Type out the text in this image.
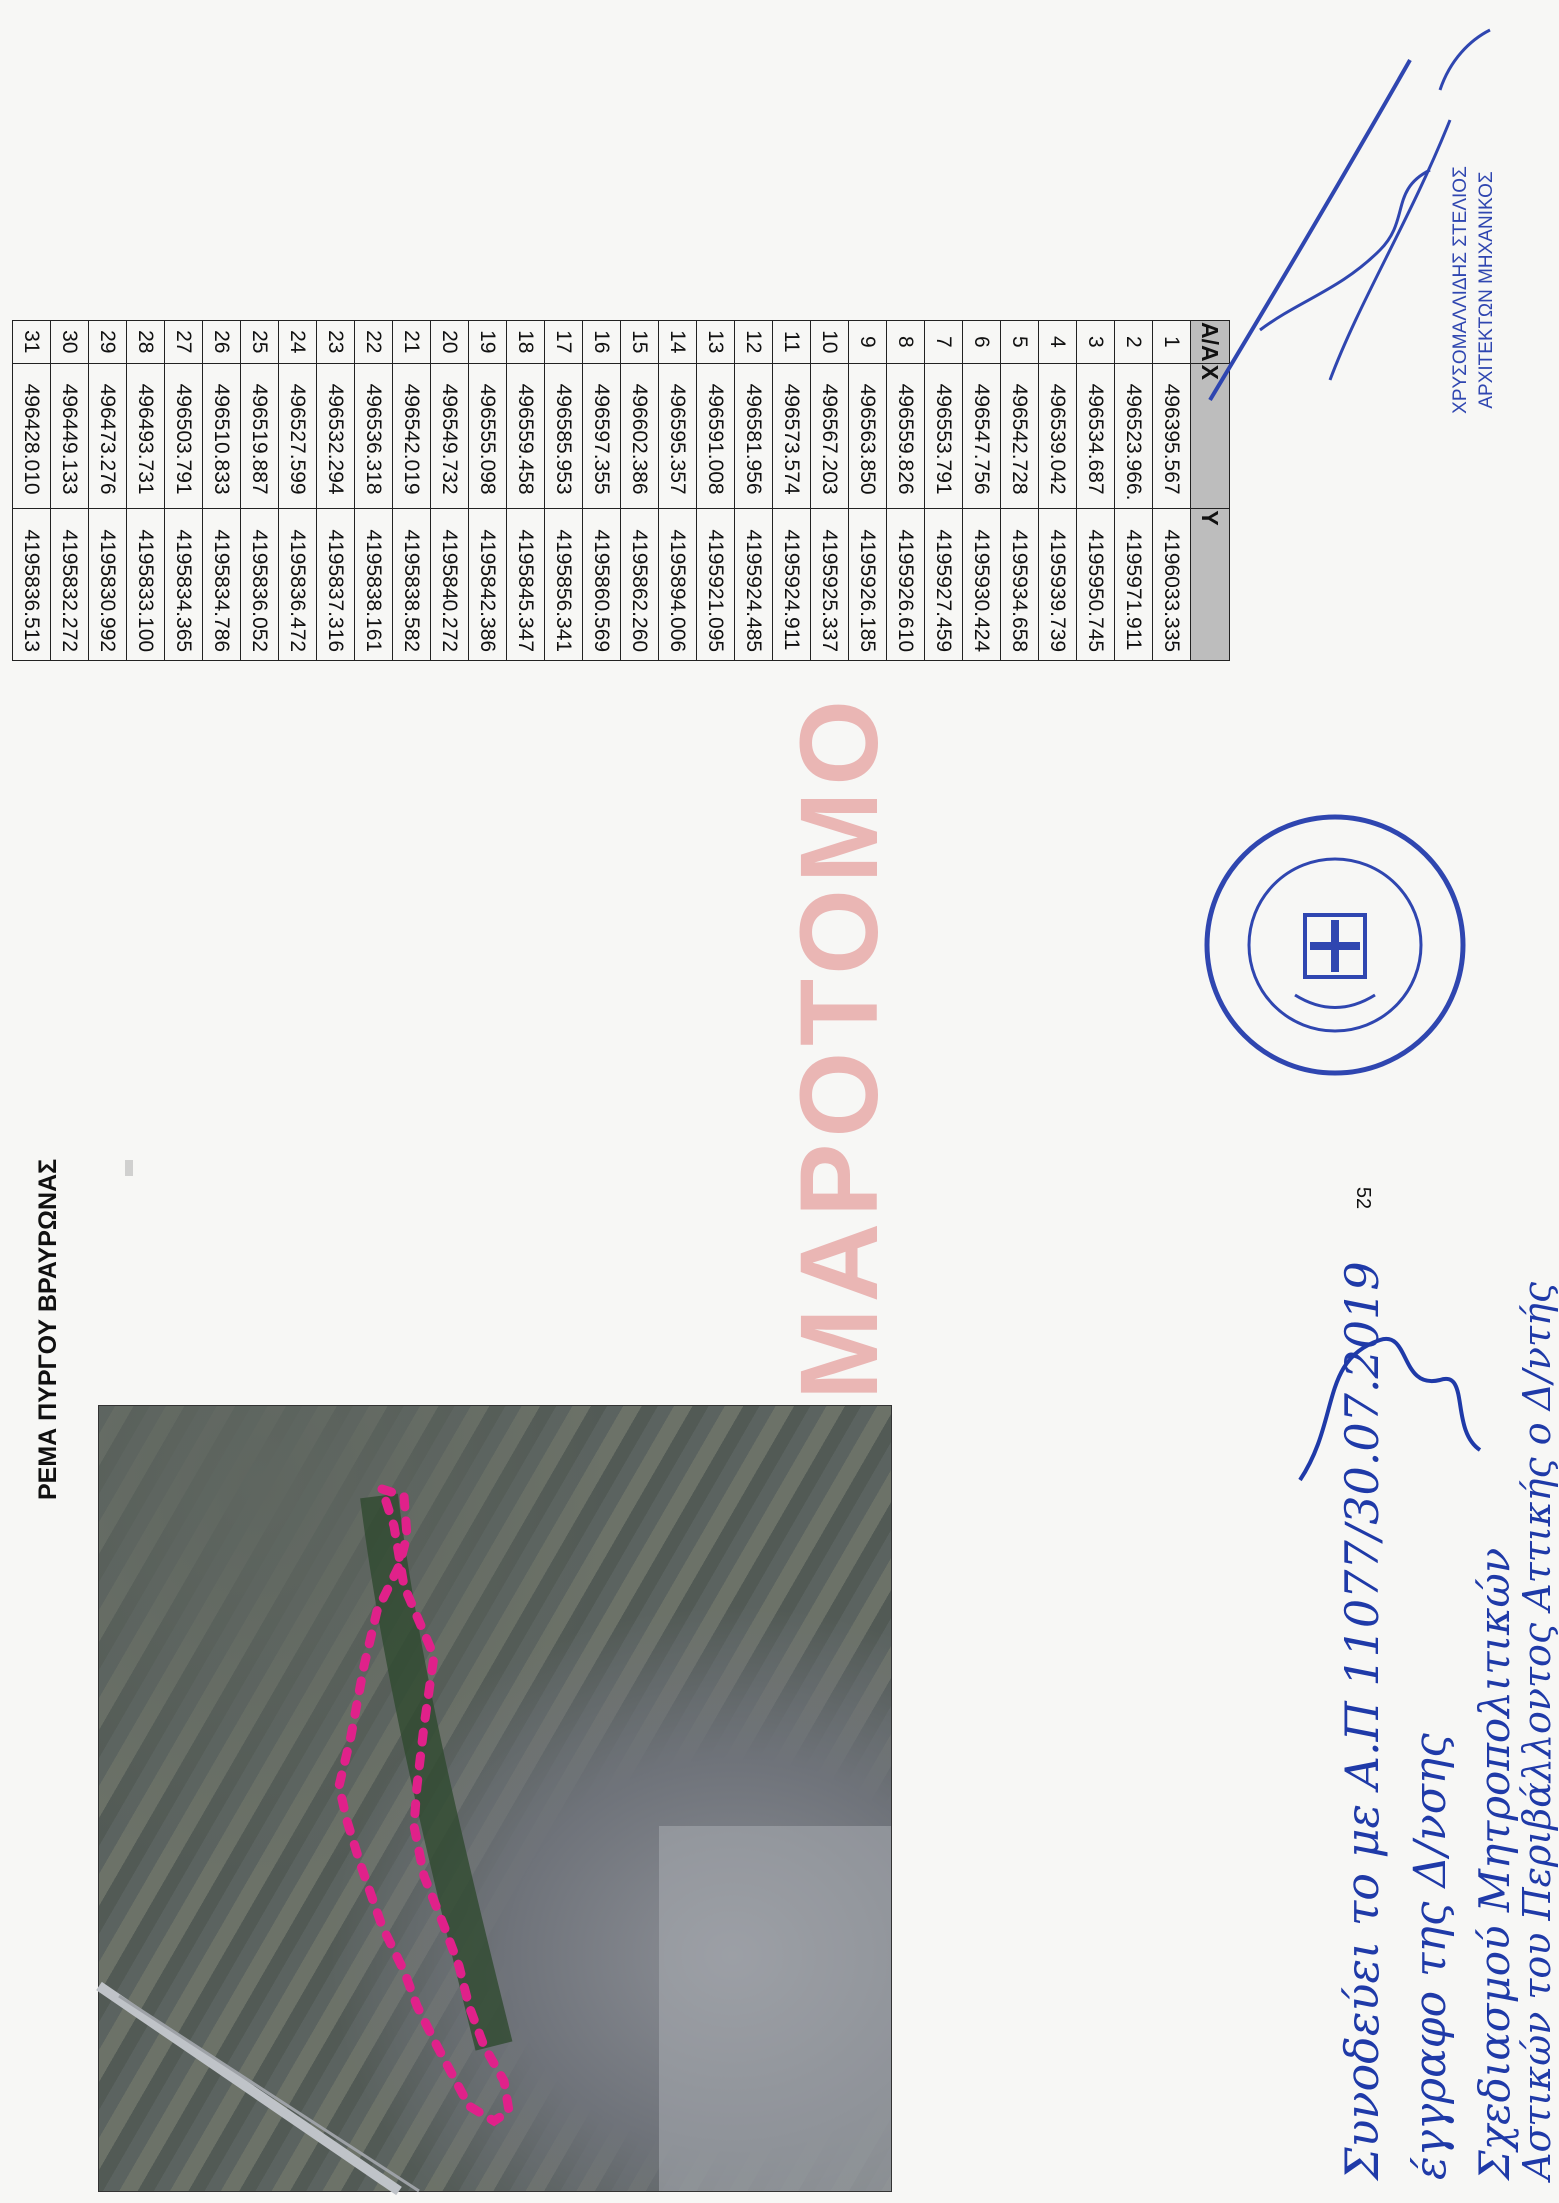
ΡΕΜΑ ΠΥΡΓΟΥ ΒΡΑΥΡΩΝΑΣ	MAPOTOMO
A/A	X	Y
1	496395.567	4196033.335
2	496523.966.	4195971.911
3	496534.687	4195950.745
4	496539.042	4195939.739
5	496542.728	4195934.658
6	496547.756	4195930.424
7	496553.791	4195927.459
8	496559.826	4195926.610
9	496563.850	4195926.185
10	496567.203	4195925.337
11	496573.574	4195924.911
12	496581.956	4195924.485
13	496591.008	4195921.095
14	496595.357	4195894.006
15	496602.386	4195862.260
16	496597.355	4195860.569
17	496585.953	4195856.341
18	496559.458	4195845.347
19	496555.098	4195842.386
20	496549.732	4195840.272
21	496542.019	4195838.582
22	496536.318	4195838.161
23	496532.294	4195837.316
24	496527.599	4195836.472
25	496519.887	4195836.052
26	496510.833	4195834.786
27	496503.791	4195834.365
28	496493.731	4195833.100
29	496473.276	4195830.992
30	496449.133	4195832.272
31	496428.010	4195836.513
52
Συνοδεύει το με Α.Π 11077/30.07.2019 έγγραφο της Δ/νσης Σχεδιασμού Μητροπολιτικών
Αστικών του Περιβάλλοντος Αττικής ο Δ/ντής
ΧΡΥΣΟΜΑΛΛΙΔΗΣ ΣΤΕΛΙΟΣ ΑΡΧΙΤΕΚΤΩΝ ΜΗΧΑΝΙΚΟΣ
